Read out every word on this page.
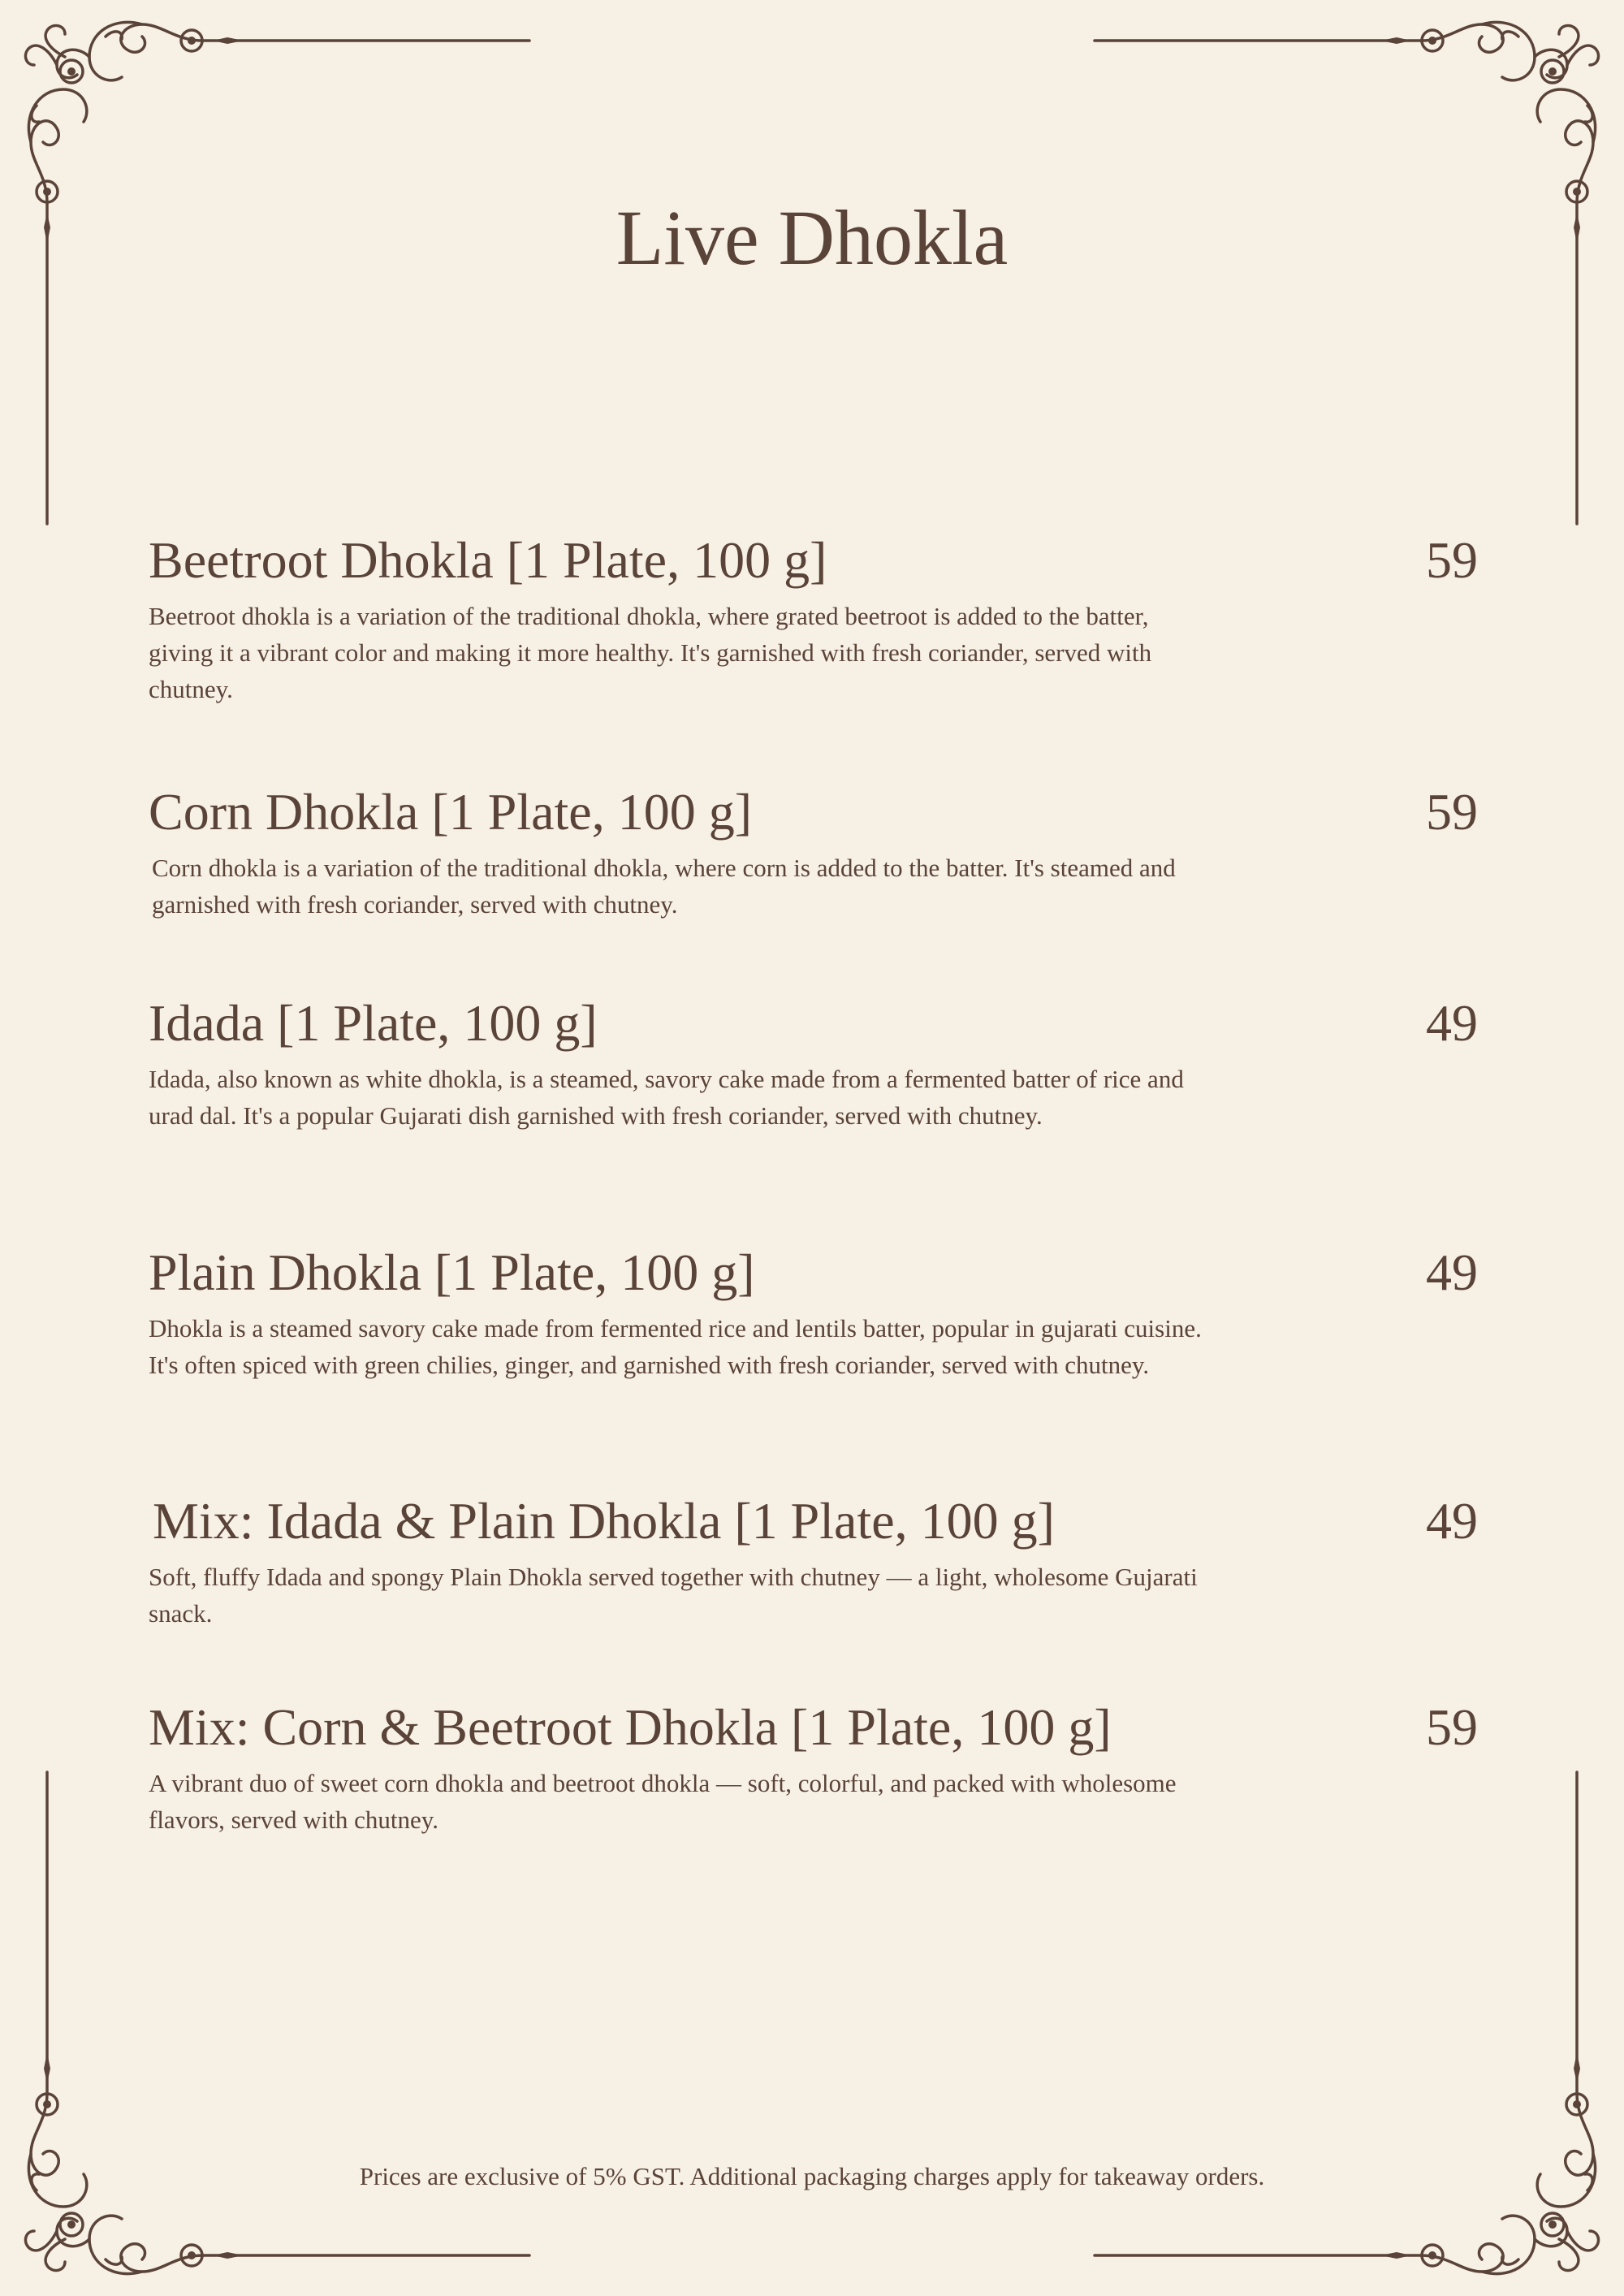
Live Dhokla
Beetroot Dhokla [1 Plate, 100 g]	59
Beetroot dhokla is a variation of the traditional dhokla, where grated beetroot is added to the batter, giving it a vibrant color and making it more healthy. It's garnished with fresh coriander, served with chutney.
Corn Dhokla [1 Plate, 100 g]	59
Corn dhokla is a variation of the traditional dhokla, where corn is added to the batter. It's steamed and garnished with fresh coriander, served with chutney.
Idada [1 Plate, 100 g]	49
Idada, also known as white dhokla, is a steamed, savory cake made from a fermented batter of rice and urad dal. It's a popular Gujarati dish garnished with fresh coriander, served with chutney.
Plain Dhokla [1 Plate, 100 g]	49
Dhokla is a steamed savory cake made from fermented rice and lentils batter, popular in gujarati cuisine. It's often spiced with green chilies, ginger, and garnished with fresh coriander, served with chutney.
Mix: Idada & Plain Dhokla [1 Plate, 100 g]	49
Soft, fluffy Idada and spongy Plain Dhokla served together with chutney — a light, wholesome Gujarati snack.
Mix: Corn & Beetroot Dhokla [1 Plate, 100 g]	59
A vibrant duo of sweet corn dhokla and beetroot dhokla — soft, colorful, and packed with wholesome flavors, served with chutney.
Prices are exclusive of 5% GST. Additional packaging charges apply for takeaway orders.
